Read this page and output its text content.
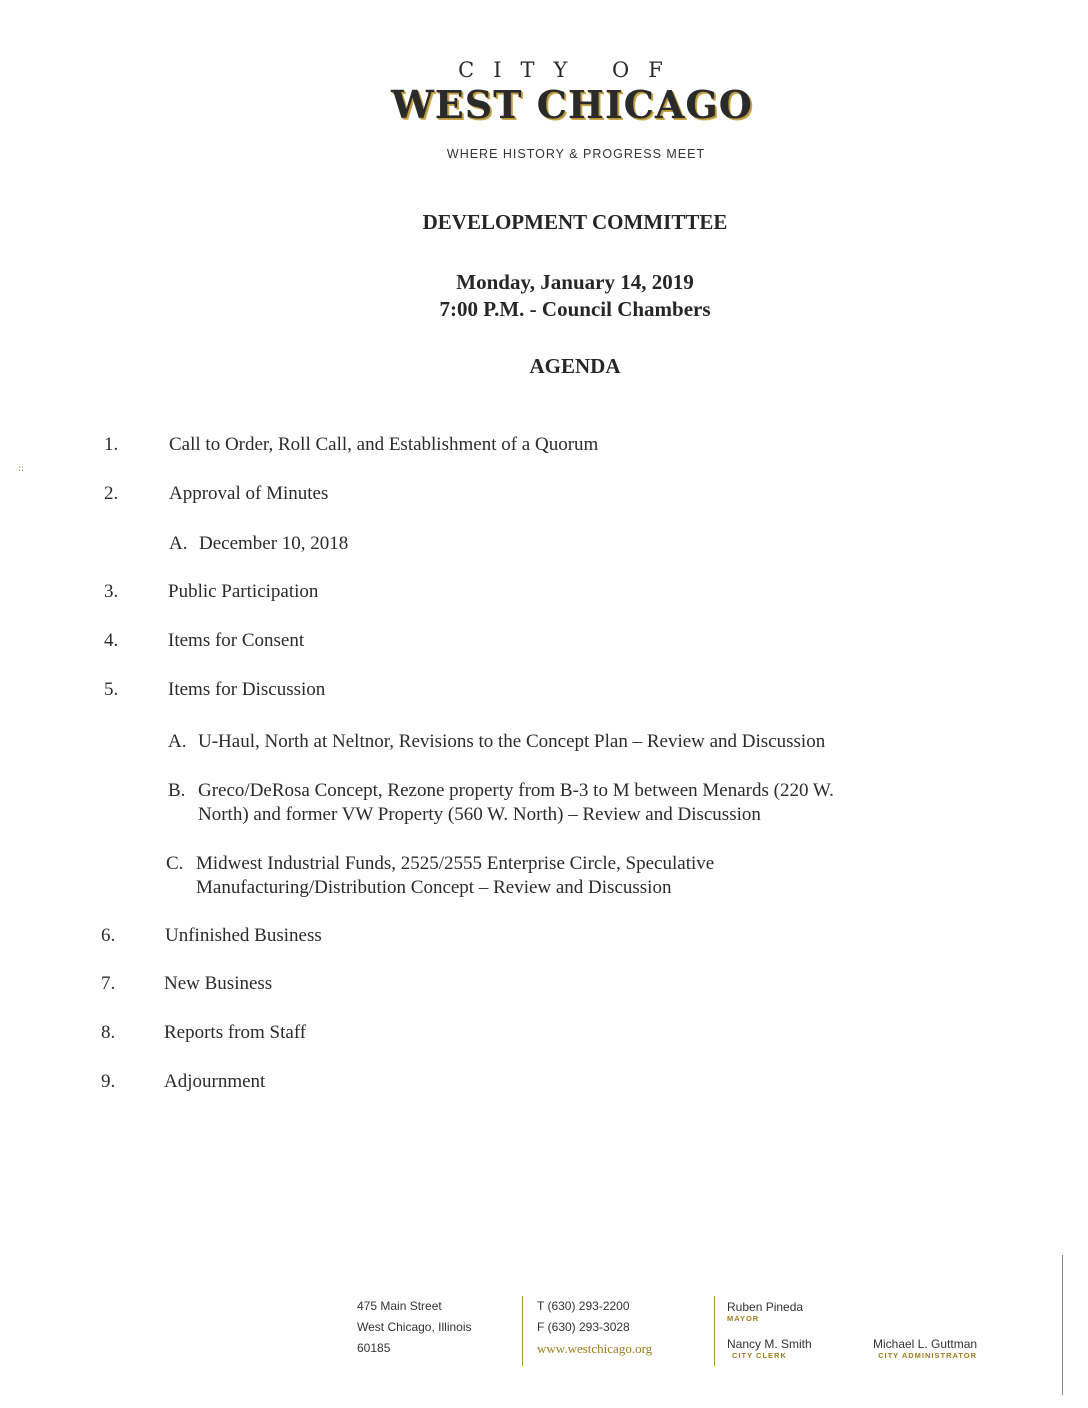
CITY OF
WEST CHICAGO
WHERE HISTORY & PROGRESS MEET
DEVELOPMENT COMMITTEE
Monday, January 14, 2019
7:00 P.M. - Council Chambers
AGENDA
::
1.	Call to Order, Roll Call, and Establishment of a Quorum
2.	Approval of Minutes
A. December 10, 2018
3.	Public Participation
4.	Items for Consent
5.	Items for Discussion
A. U-Haul, North at Neltnor, Revisions to the Concept Plan – Review and Discussion
B. Greco/DeRosa Concept, Rezone property from B-3 to M between Menards (220 W.
North) and former VW Property (560 W. North) – Review and Discussion
C. Midwest Industrial Funds, 2525/2555 Enterprise Circle, Speculative
Manufacturing/Distribution Concept – Review and Discussion
6.	Unfinished Business
7.	New Business
8.	Reports from Staff
9.	Adjournment
475 Main Street
West Chicago, Illinois
60185
T (630) 293-2200
F (630) 293-3028
www.westchicago.org
Ruben Pineda
MAYOR
Nancy M. Smith
CITY CLERK
Michael L. Guttman
CITY ADMINISTRATOR
